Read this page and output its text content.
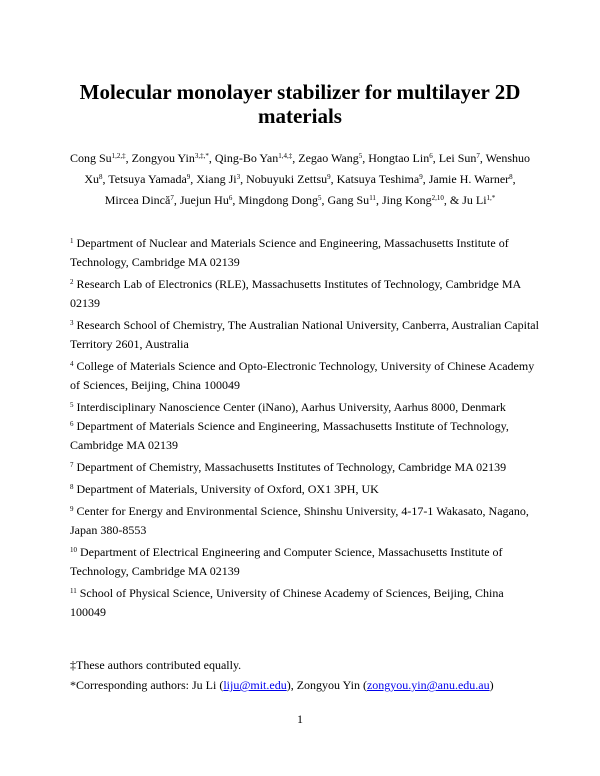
Molecular monolayer stabilizer for multilayer 2D materials
Cong $Su^{1,2,\ddagger}$, Zongyou Yin$^{3,\ddagger,*}$, Qing-Bo Yan$^{1,4,\ddagger}$, Zegao Wang$^5$, Hongtao Lin$^6$, Lei Sun$^7$, Wenshuo Xu$^8$, Tetsuya Yamada$^9$, Xiang Ji$^3$, Nobuyuki Zettsu$^9$, Katsuya Teshima$^9$, Jamie H. Warner$^8$, Mircea Dincă$^7$, Juejun Hu$^6$, Mingdong Dong$^5$, Gang Su$^{11}$, Jing Kong$^{2,10}$, & Ju $Li^{1,*}$
$^1$ Department of Nuclear and Materials Science and Engineering, Massachusetts Institute of Technology, Cambridge MA 02139
$^2$ Research Lab of Electronics (RLE), Massachusetts Institutes of Technology, Cambridge MA 02139
$^3$ Research School of Chemistry, The Australian National University, Canberra, Australian Capital Territory 2601, Australia
$^4$ College of Materials Science and Opto-Electronic Technology, University of Chinese Academy of Sciences, Beijing, China 100049
$^5$ Interdisciplinary Nanoscience Center (iNano), Aarhus University, Aarhus 8000, Denmark
$^6$ Department of Materials Science and Engineering, Massachusetts Institute of Technology, Cambridge MA 02139
$^7$ Department of Chemistry, Massachusetts Institutes of Technology, Cambridge MA 02139
$^8$ Department of Materials, University of Oxford, OX1 3PH, UK
$^9$ Center for Energy and Environmental Science, Shinshu University, 4-17-1 Wakasato, Nagano, Japan 380-8553
$^{10}$ Department of Electrical Engineering and Computer Science, Massachusetts Institute of Technology, Cambridge MA 02139
$^{11}$ School of Physical Science, University of Chinese Academy of Sciences, Beijing, China 100049
‡These authors contributed equally.
*Corresponding authors: Ju Li (liju@mit.edu), Zongyou Yin (zongyou.yin@anu.edu.au)
1
